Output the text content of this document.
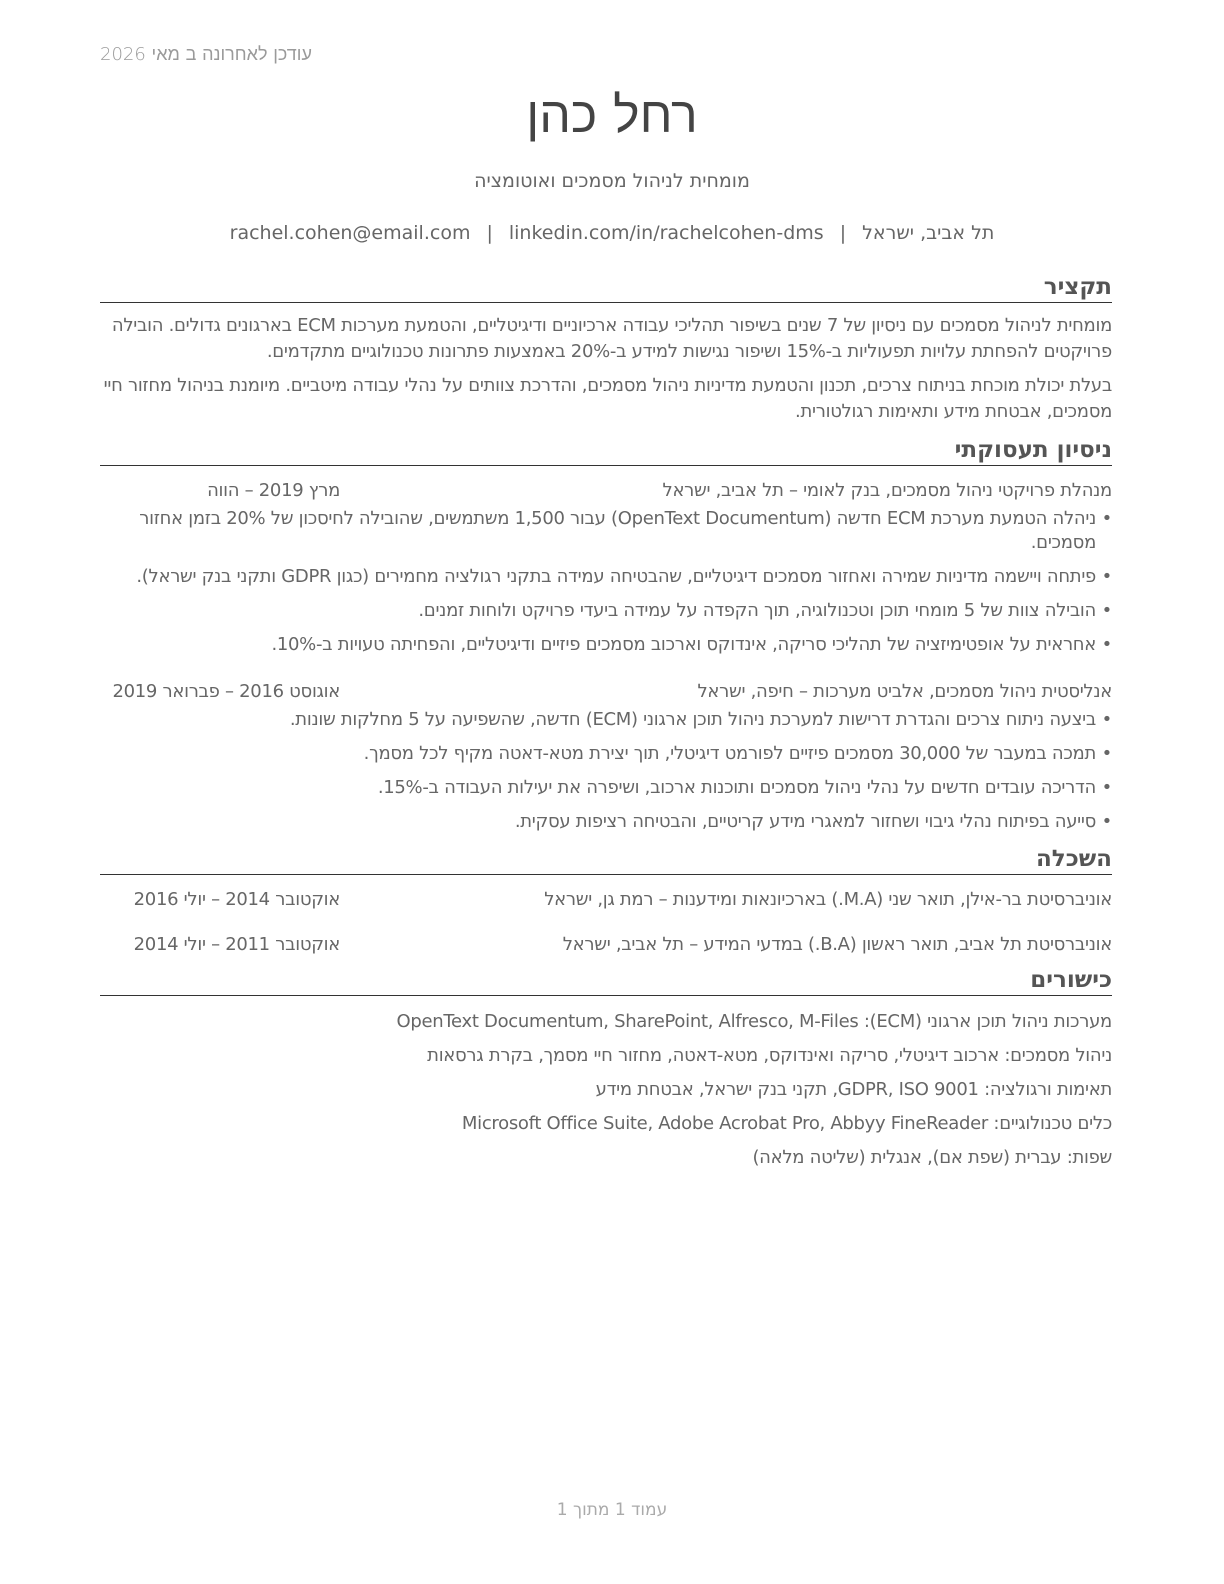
עודכן לאחרונה ב מאי 2026
רחל כהן
מומחית לניהול מסמכים ואוטומציה
תל אביב, ישראל|rachel.cohen@email.com | linkedin.com/in/rachelcohen-dms
תקציר

מומחית לניהול מסמכים עם ניסיון של 7 שנים בשיפור תהליכי עבודה ארכיוניים ודיגיטליים, והטמעת מערכות ECM בארגונים גדולים. הובילה פרויקטים להפחתת עלויות תפעוליות ב-15% ושיפור נגישות למידע ב-20% באמצעות פתרונות טכנולוגיים מתקדמים.

בעלת יכולת מוכחת בניתוח צרכים, תכנון והטמעת מדיניות ניהול מסמכים, והדרכת צוותים על נהלי עבודה מיטביים. מיומנת בניהול מחזור חיי מסמכים, אבטחת מידע ותאימות רגולטורית.

ניסיון תעסוקתי
מנהלת פרויקטי ניהול מסמכים, בנק לאומי – תל אביב, ישראל
מרץ 2019 – הווה
•
ניהלה הטמעת מערכת ECM חדשה (OpenText Documentum) עבור 1,500 משתמשים, שהובילה לחיסכון של 20% בזמן אחזור מסמכים.
•
פיתחה ויישמה מדיניות שמירה ואחזור מסמכים דיגיטליים, שהבטיחה עמידה בתקני רגולציה מחמירים (כגון GDPR ותקני בנק ישראל).
•
הובילה צוות של 5 מומחי תוכן וטכנולוגיה, תוך הקפדה על עמידה ביעדי פרויקט ולוחות זמנים.
•
אחראית על אופטימיזציה של תהליכי סריקה, אינדוקס וארכוב מסמכים פיזיים ודיגיטליים, והפחיתה טעויות ב-10%.
אנליסטית ניהול מסמכים, אלביט מערכות – חיפה, ישראל
אוגוסט 2016 – פברואר 2019
•
ביצעה ניתוח צרכים והגדרת דרישות למערכת ניהול תוכן ארגוני (ECM) חדשה, שהשפיעה על 5 מחלקות שונות.
•
תמכה במעבר של 30,000 מסמכים פיזיים לפורמט דיגיטלי, תוך יצירת מטא-דאטה מקיף לכל מסמך.
•
הדריכה עובדים חדשים על נהלי ניהול מסמכים ותוכנות ארכוב, ושיפרה את יעילות העבודה ב-15%.
•
סייעה בפיתוח נהלי גיבוי ושחזור למאגרי מידע קריטיים, והבטיחה רציפות עסקית.
השכלה
אוניברסיטת בר-אילן, תואר שני (M.A.) בארכיונאות ומידענות – רמת גן, ישראל
אוקטובר 2014 – יולי 2016
אוניברסיטת תל אביב, תואר ראשון (B.A.) במדעי המידע – תל אביב, ישראל
אוקטובר 2011 – יולי 2014
כישורים
מערכות ניהול תוכן ארגוני (ECM): OpenText Documentum, SharePoint, Alfresco, M-Files
ניהול מסמכים: ארכוב דיגיטלי, סריקה ואינדוקס, מטא-דאטה, מחזור חיי מסמך, בקרת גרסאות
תאימות ורגולציה: GDPR, ISO 9001, תקני בנק ישראל, אבטחת מידע
כלים טכנולוגיים: Microsoft Office Suite, Adobe Acrobat Pro, Abbyy FineReader
שפות: עברית (שפת אם), אנגלית (שליטה מלאה)
עמוד 1 מתוך 1
